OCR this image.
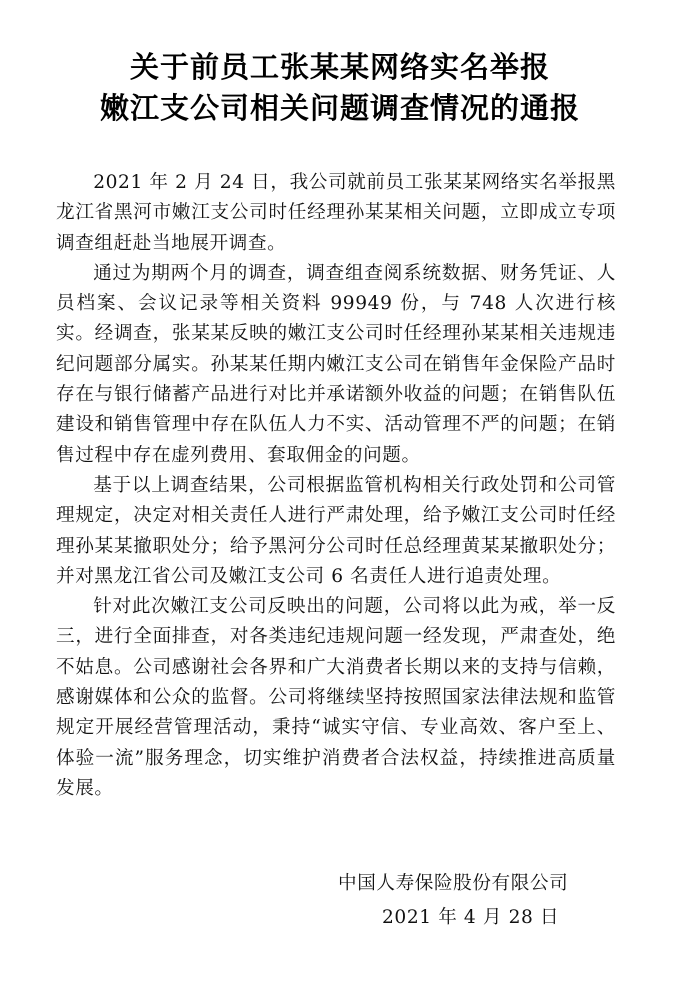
关于前员工张某某网络实名举报
嫩江支公司相关问题调查情况的通报

2021 年 2 月 24 日，我公司就前员工张某某网络实名举报黑龙江省黑河市嫩江支公司时任经理孙某某相关问题，立即成立专项调查组赶赴当地展开调查。

通过为期两个月的调查，调查组查阅系统数据、财务凭证、人员档案、会议记录等相关资料 99949 份，与 748 人次进行核实。经调查，张某某反映的嫩江支公司时任经理孙某某相关违规违纪问题部分属实。孙某某任期内嫩江支公司在销售年金保险产品时存在与银行储蓄产品进行对比并承诺额外收益的问题；在销售队伍建设和销售管理中存在队伍人力不实、活动管理不严的问题；在销售过程中存在虚列费用、套取佣金的问题。

基于以上调查结果，公司根据监管机构相关行政处罚和公司管理规定，决定对相关责任人进行严肃处理，给予嫩江支公司时任经理孙某某撤职处分；给予黑河分公司时任总经理黄某某撤职处分；并对黑龙江省公司及嫩江支公司 6 名责任人进行追责处理。

针对此次嫩江支公司反映出的问题，公司将以此为戒，举一反三，进行全面排查，对各类违纪违规问题一经发现，严肃查处，绝不姑息。公司感谢社会各界和广大消费者长期以来的支持与信赖，感谢媒体和公众的监督。公司将继续坚持按照国家法律法规和监管规定开展经营管理活动，秉持“诚实守信、专业高效、客户至上、体验一流”服务理念，切实维护消费者合法权益，持续推进高质量发展。

中国人寿保险股份有限公司
2021 年 4 月 28 日
